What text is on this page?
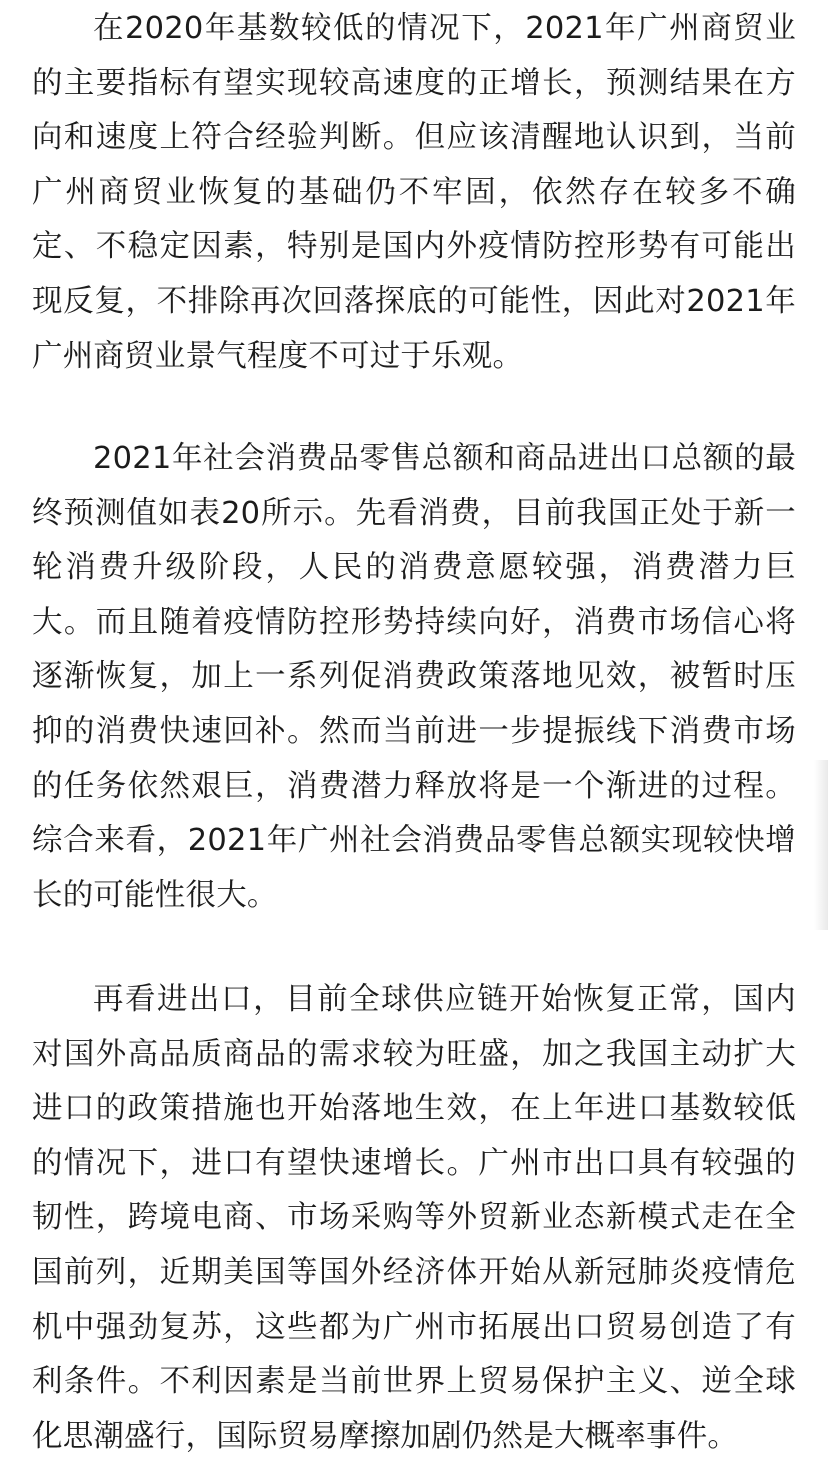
在2020年基数较低的情况下，2021年广州商贸业的主要指标有望实现较高速度的正增长，预测结果在方向和速度上符合经验判断。但应该清醒地认识到，当前广州商贸业恢复的基础仍不牢固，依然存在较多不确定、不稳定因素，特别是国内外疫情防控形势有可能出现反复，不排除再次回落探底的可能性，因此对2021年广州商贸业景气程度不可过于乐观。

2021年社会消费品零售总额和商品进出口总额的最终预测值如表20所示。先看消费，目前我国正处于新一轮消费升级阶段，人民的消费意愿较强，消费潜力巨大。而且随着疫情防控形势持续向好，消费市场信心将逐渐恢复，加上一系列促消费政策落地见效，被暂时压抑的消费快速回补。然而当前进一步提振线下消费市场的任务依然艰巨，消费潜力释放将是一个渐进的过程。综合来看，2021年广州社会消费品零售总额实现较快增长的可能性很大。

再看进出口，目前全球供应链开始恢复正常，国内对国外高品质商品的需求较为旺盛，加之我国主动扩大进口的政策措施也开始落地生效，在上年进口基数较低的情况下，进口有望快速增长。广州市出口具有较强的韧性，跨境电商、市场采购等外贸新业态新模式走在全国前列，近期美国等国外经济体开始从新冠肺炎疫情危机中强劲复苏，这些都为广州市拓展出口贸易创造了有利条件。不利因素是当前世界上贸易保护主义、逆全球化思潮盛行，国际贸易摩擦加剧仍然是大概率事件。
